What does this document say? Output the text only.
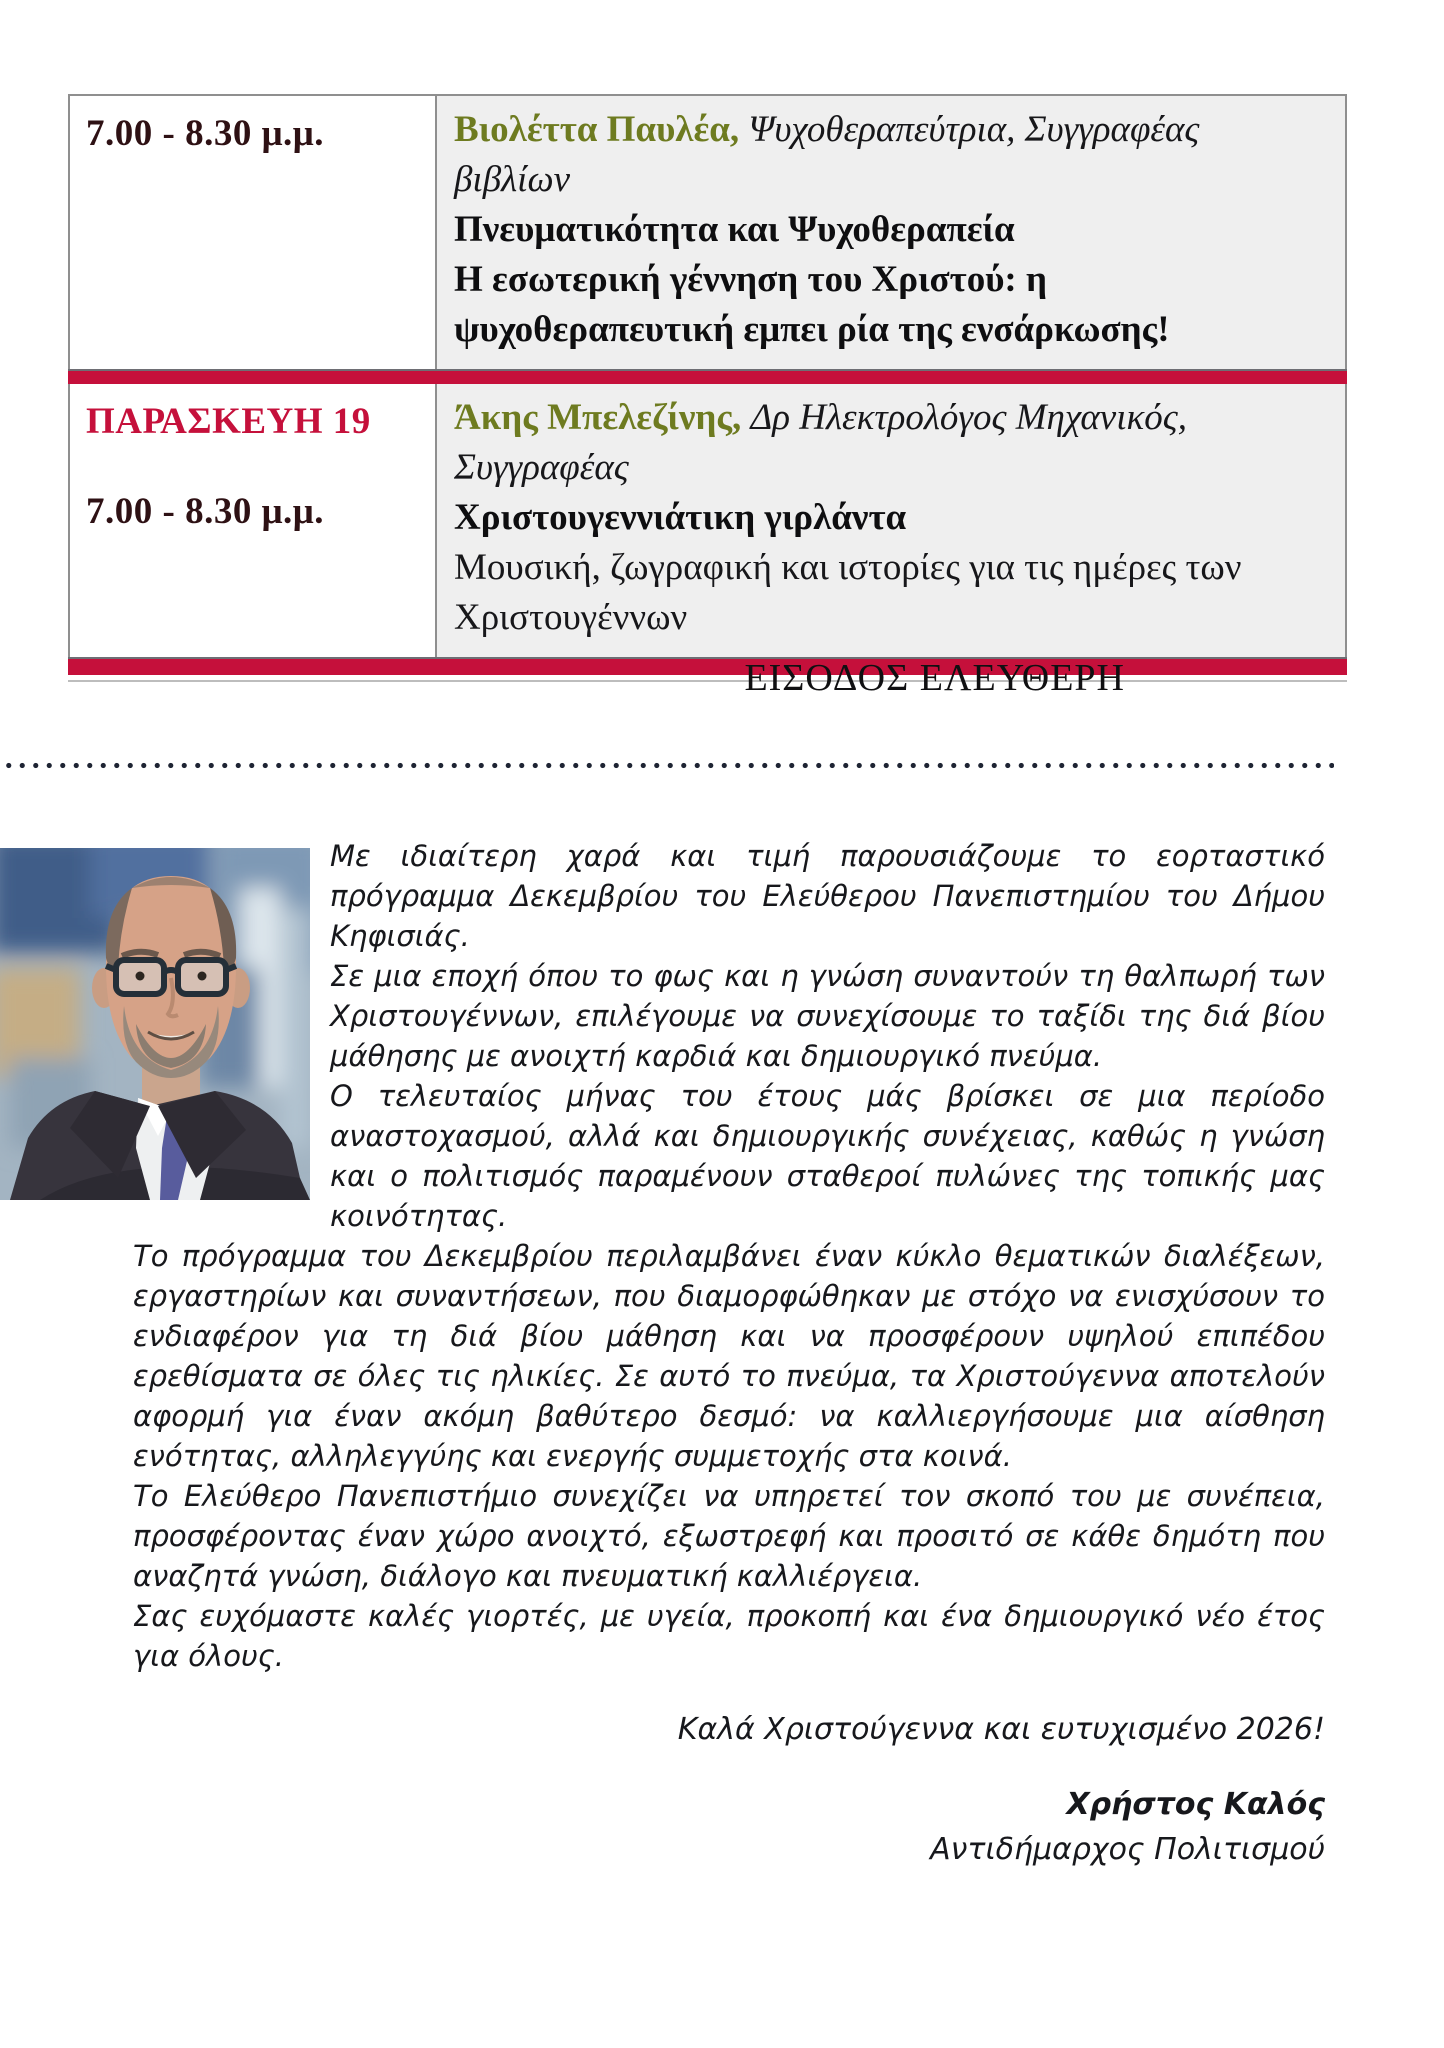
7.00 - 8.30 μ.μ.	Βιολέττα Παυλέα, Ψυχοθεραπεύτρια, Συγγραφέας βιβλίων

Πνευματικότητα και Ψυχοθεραπεία

Η εσωτερική γέννηση του Χριστού: η ψυχοθεραπευτική εμπει ρία της ενσάρκωσης!

ΠΑΡΑΣΚΕΥΗ 19

7.00 - 8.30 μ.μ.

Άκης Μπελεζίνης, Δρ Ηλεκτρολόγος Μηχανικός, Συγγραφέας

Χριστουγεννιάτικη γιρλάντα

Μουσική, ζωγραφική και ιστορίες για τις ημέρες των Χριστουγέννων

ΕΙΣΟΔΟΣ ΕΛΕΥΘΕΡΗ

Με ιδιαίτερη χαρά και τιμή παρουσιάζουμε το εορταστικό πρόγραμμα Δεκεμβρίου του Ελεύθερου Πανεπιστημίου του Δήμου Κηφισιάς.

Σε μια εποχή όπου το φως και η γνώση συναντούν τη θαλπωρή των Χριστουγέννων, επιλέγουμε να συνεχίσουμε το ταξίδι της διά βίου μάθησης με ανοιχτή καρδιά και δημιουργικό πνεύμα.

Ο τελευταίος μήνας του έτους μάς βρίσκει σε μια περίοδο αναστοχασμού, αλλά και δημιουργικής συνέχειας, καθώς η γνώση και ο πολιτισμός παραμένουν σταθεροί πυλώνες της τοπικής μας κοινότητας.

Το πρόγραμμα του Δεκεμβρίου περιλαμβάνει έναν κύκλο θεματικών διαλέξεων, εργαστηρίων και συναντήσεων, που διαμορφώθηκαν με στόχο να ενισχύσουν το ενδιαφέρον για τη διά βίου μάθηση και να προσφέρουν υψηλού επιπέδου ερεθίσματα σε όλες τις ηλικίες. Σε αυτό το πνεύμα, τα Χριστούγεννα αποτελούν αφορμή για έναν ακόμη βαθύτερο δεσμό: να καλλιεργήσουμε μια αίσθηση ενότητας, αλληλεγγύης και ενεργής συμμετοχής στα κοινά.

Το Ελεύθερο Πανεπιστήμιο συνεχίζει να υπηρετεί τον σκοπό του με συνέπεια, προσφέροντας έναν χώρο ανοιχτό, εξωστρεφή και προσιτό σε κάθε δημότη που αναζητά γνώση, διάλογο και πνευματική καλλιέργεια.

Σας ευχόμαστε καλές γιορτές, με υγεία, προκοπή και ένα δημιουργικό νέο έτος για όλους.

Καλά Χριστούγεννα και ευτυχισμένο 2026!
Χρήστος Καλός
Αντιδήμαρχος Πολιτισμού
